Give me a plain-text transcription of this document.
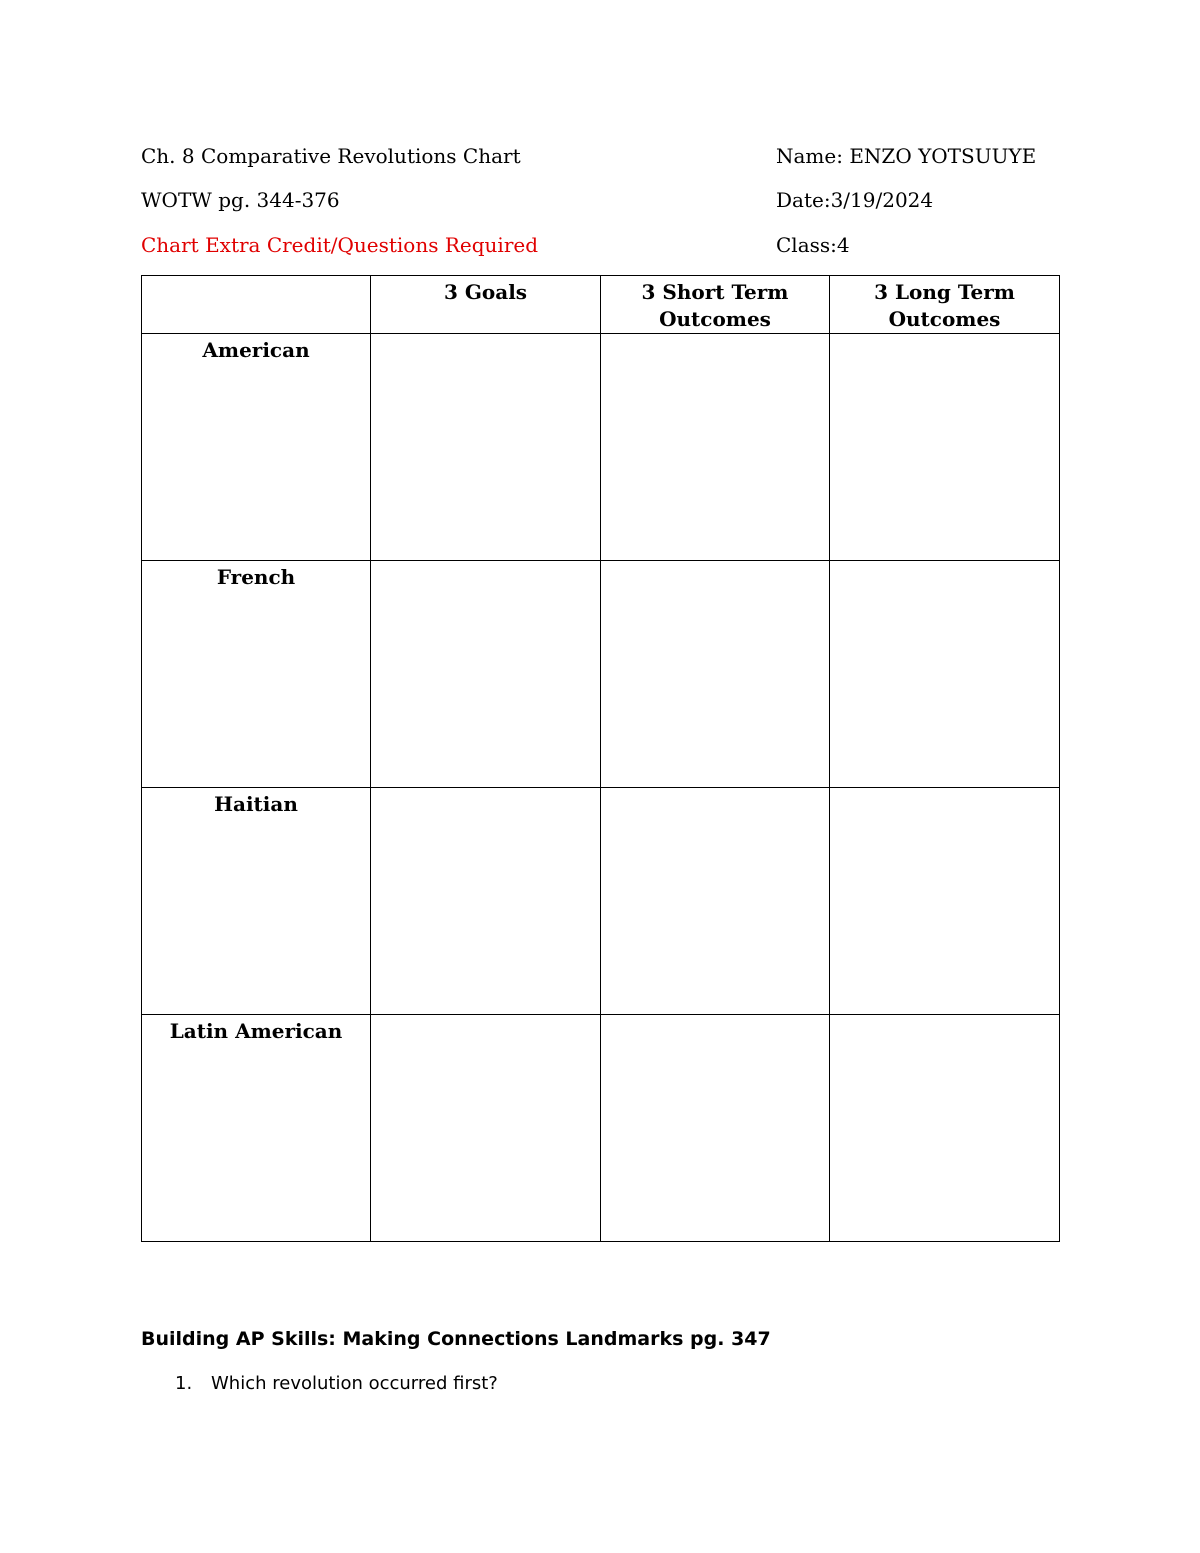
Ch. 8 Comparative Revolutions Chart	Name: ENZO YOTSUUYE
WOTW pg. 344-376	Date:3/19/2024
Chart Extra Credit/Questions Required	Class:4
	3 Goals	3 Short Term Outcomes	3 Long Term Outcomes
American			
French			
Haitian			
Latin American			
Building AP Skills: Making Connections Landmarks pg. 347
1. Which revolution occurred first?
